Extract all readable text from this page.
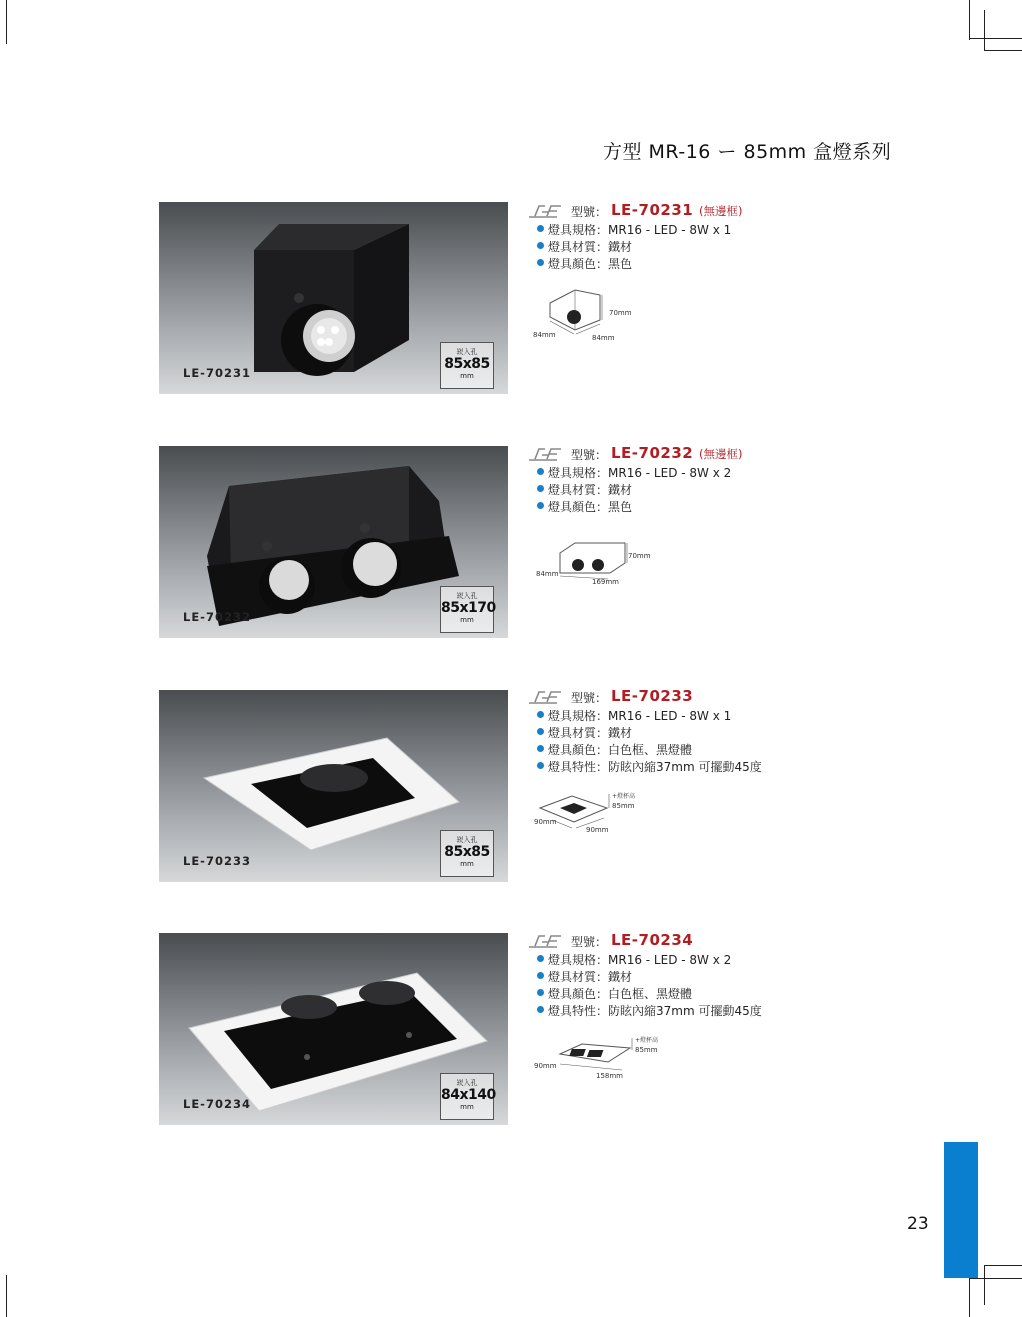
方型 MR-16 ー 85mm 盒燈系列
LE-70231
崁入孔
85x85
mm
型號： LE-70231 (無邊框)
燈具規格：MR16 - LED - 8W x 1
燈具材質：鐵材
燈具顏色：黑色
84mm	84mm
70mm
LE-70232
崁入孔
85x170
mm
型號： LE-70232 (無邊框)
燈具規格：MR16 - LED - 8W x 2
燈具材質：鐵材
燈具顏色：黑色
84mm
169mm
70mm
LE-70233
崁入孔
85x85
mm
型號： LE-70233
燈具規格：MR16 - LED - 8W x 1
燈具材質：鐵材
燈具顏色：白色框、黑燈體
燈具特性：防眩內縮37mm 可擺動45度
90mm
90mm
+燈杯高
85mm
LE-70234
崁入孔
84x140
mm
型號： LE-70234
燈具規格：MR16 - LED - 8W x 2
燈具材質：鐵材
燈具顏色：白色框、黑燈體
燈具特性：防眩內縮37mm 可擺動45度
90mm
158mm
+燈杯高
85mm
23
